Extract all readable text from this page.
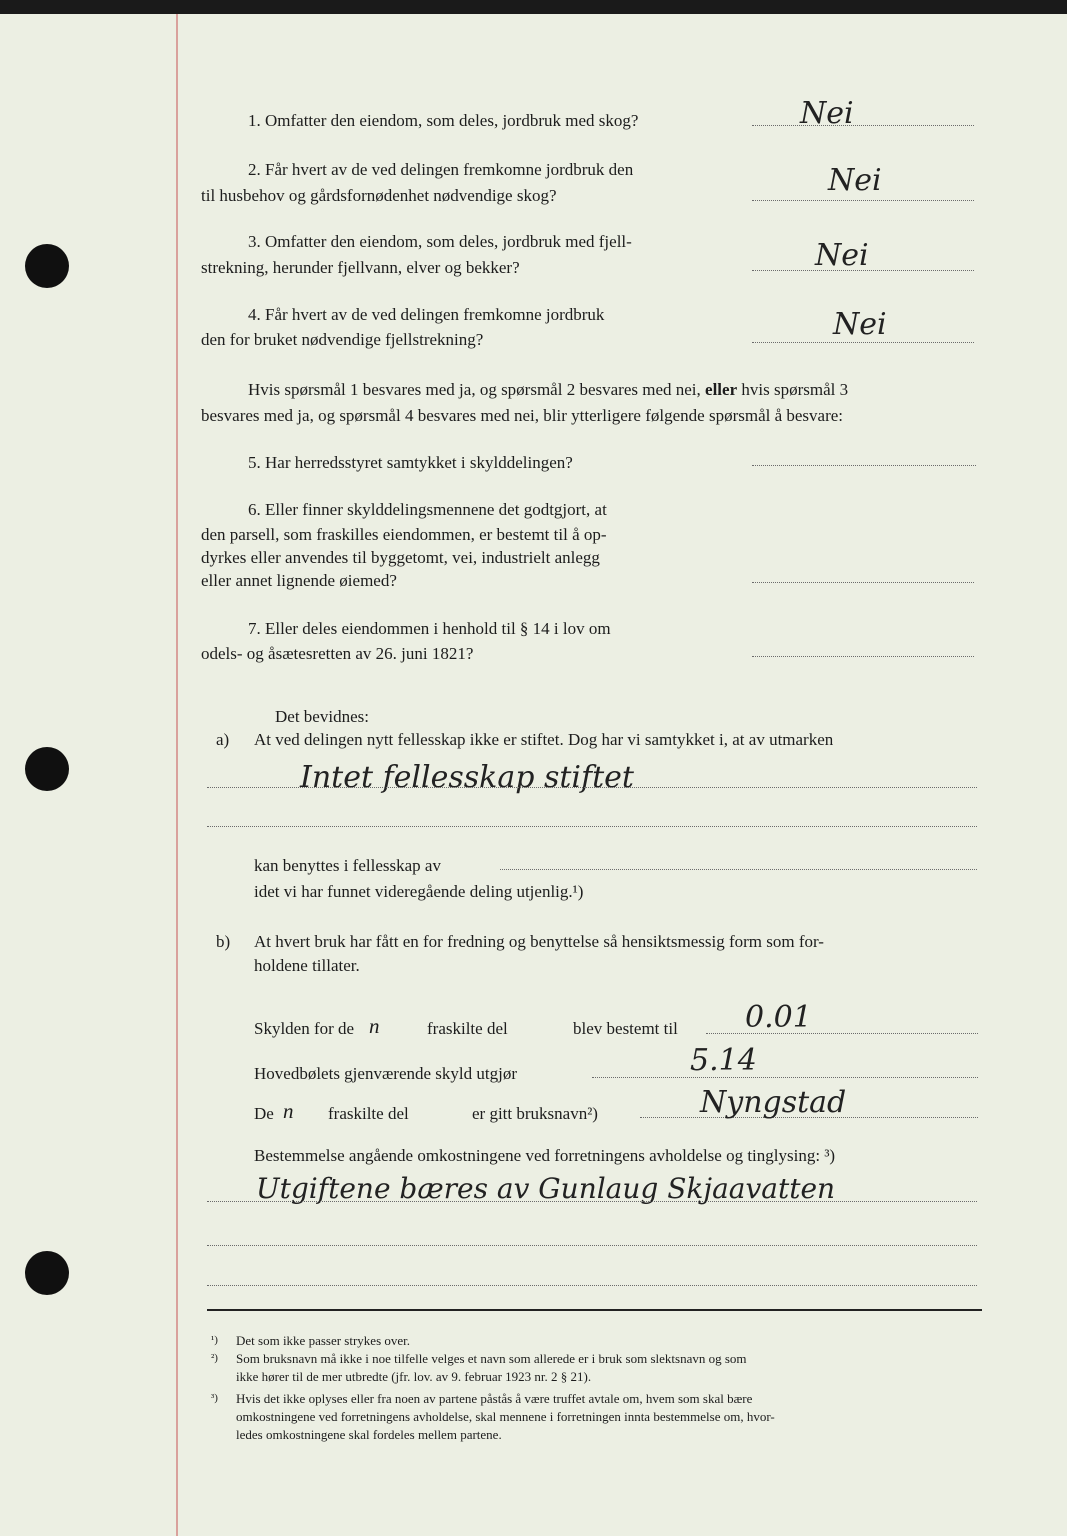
1. Omfatter den eiendom, som deles, jordbruk med skog?	Nei
2. Får hvert av de ved delingen fremkomne jordbruk den
til husbehov og gårdsfornødenhet nødvendige skog?	Nei
3. Omfatter den eiendom, som deles, jordbruk med fjell-
strekning, herunder fjellvann, elver og bekker?	Nei
4. Får hvert av de ved delingen fremkomne jordbruk
den for bruket nødvendige fjellstrekning?	Nei
Hvis spørsmål 1 besvares med ja, og spørsmål 2 besvares med nei, eller hvis spørsmål 3
besvares med ja, og spørsmål 4 besvares med nei, blir ytterligere følgende spørsmål å besvare:
5. Har herredsstyret samtykket i skylddelingen?
6. Eller finner skylddelingsmennene det godtgjort, at
den parsell, som fraskilles eiendommen, er bestemt til å op-
dyrkes eller anvendes til byggetomt, vei, industrielt anlegg
eller annet lignende øiemed?
7. Eller deles eiendommen i henhold til § 14 i lov om
odels- og åsætesretten av 26. juni 1821?
Det bevidnes:
a) At ved delingen nytt fellesskap ikke er stiftet. Dog har vi samtykket i, at av utmarken
Intet fellesskap stiftet
kan benyttes i fellesskap av
idet vi har funnet videregående deling utjenlig.¹)
b) At hvert bruk har fått en for fredning og benyttelse så hensiktsmessig form som for-
holdene tillater.
Skylden for de n	fraskilte del	blev bestemt til 0.01
Hovedbølets gjenværende skyld utgjør	5.14
De n fraskilte del	er gitt bruksnavn²)	Nyngstad
Bestemmelse angående omkostningene ved forretningens avholdelse og tinglysing: ³)
Utgiftene bæres av Gunlaug Skjaavatten
¹) Det som ikke passer strykes over.
²) Som bruksnavn må ikke i noe tilfelle velges et navn som allerede er i bruk som slektsnavn og som
ikke hører til de mer utbredte (jfr. lov. av 9. februar 1923 nr. 2 § 21).
³) Hvis det ikke oplyses eller fra noen av partene påstås å være truffet avtale om, hvem som skal bære
omkostningene ved forretningens avholdelse, skal mennene i forretningen innta bestemmelse om, hvor-
ledes omkostningene skal fordeles mellem partene.
